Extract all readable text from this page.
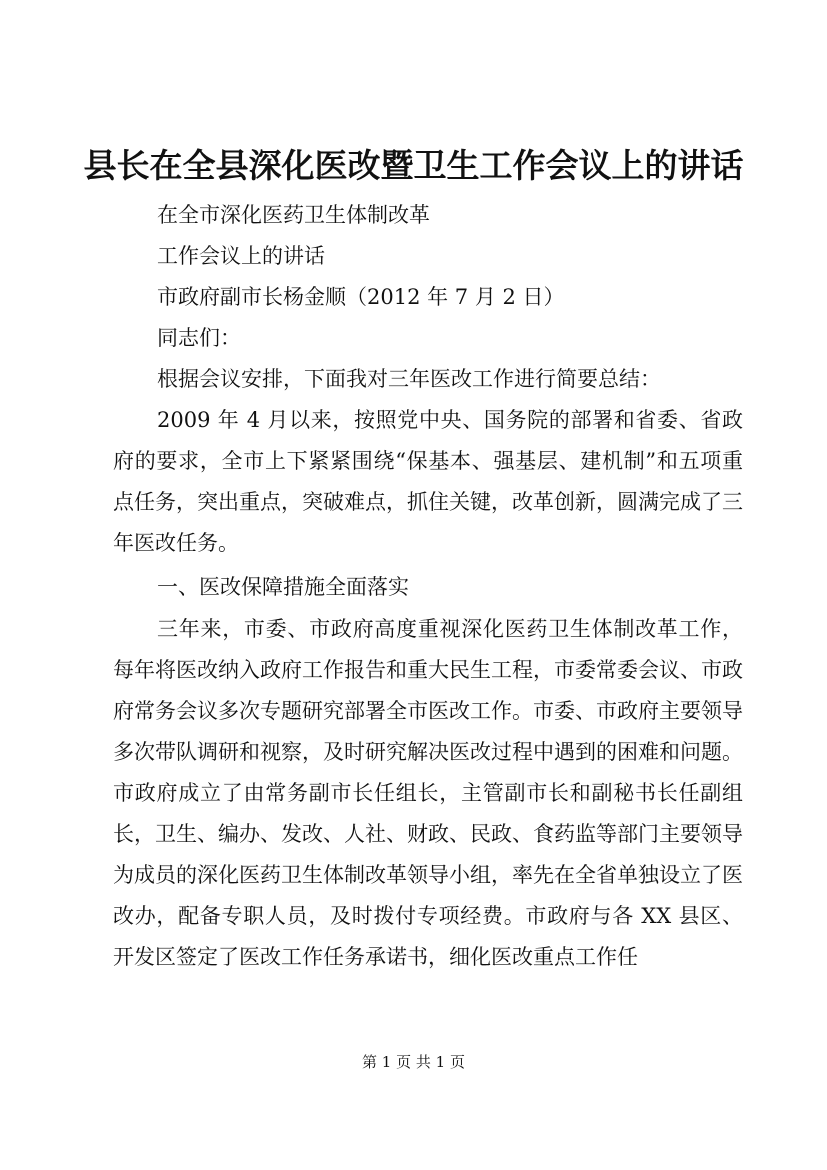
县长在全县深化医改暨卫生工作会议上的讲话
在全市深化医药卫生体制改革
工作会议上的讲话
市政府副市长杨金顺（2012 年 7 月 2 日）
同志们：
根据会议安排，下面我对三年医改工作进行简要总结：

2009 年 4 月以来，按照党中央、国务院的部署和省委、省政府的要求，全市上下紧紧围绕“保基本、强基层、建机制”和五项重点任务，突出重点，突破难点，抓住关键，改革创新，圆满完成了三年医改任务。

一、医改保障措施全面落实

三年来，市委、市政府高度重视深化医药卫生体制改革工作，每年将医改纳入政府工作报告和重大民生工程，市委常委会议、市政府常务会议多次专题研究部署全市医改工作。市委、市政府主要领导多次带队调研和视察，及时研究解决医改过程中遇到的困难和问题。市政府成立了由常务副市长任组长，主管副市长和副秘书长任副组长，卫生、编办、发改、人社、财政、民政、食药监等部门主要领导为成员的深化医药卫生体制改革领导小组，率先在全省单独设立了医改办，配备专职人员，及时拨付专项经费。市政府与各 XX 县区、开发区签定了医改工作任务承诺书，细化医改重点工作任

第 1 页 共 1 页
